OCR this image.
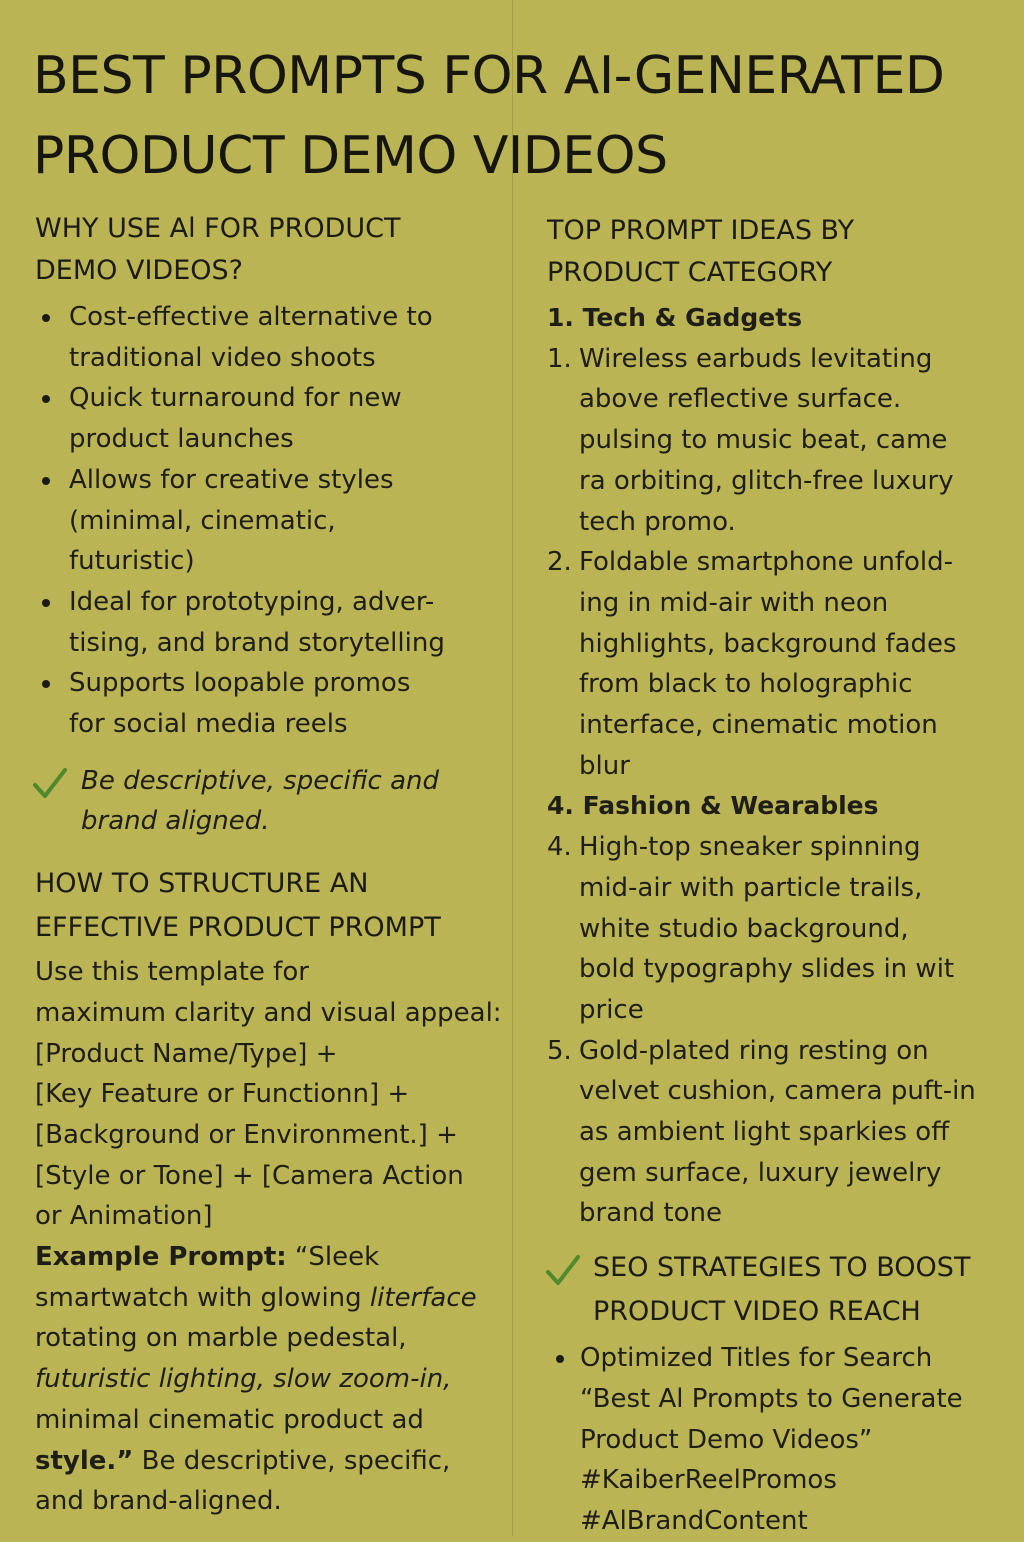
BEST PROMPTS FOR AI-GENERATED
PRODUCT DEMO VIDEOS
WHY USE Al FOR PRODUCT
DEMO VIDEOS?
Cost-effective alternative to
traditional video shoots
Quick turnaround for new
product launches
Allows for creative styles
(minimal, cinematic,
futuristic)
Ideal for prototyping, adver-
tising, and brand storytelling
Supports loopable promos
for social media reels
Be descriptive, specific and
brand aligned.
HOW TO STRUCTURE AN
EFFECTIVE PRODUCT PROMPT
Use this template for
maximum clarity and visual appeal:
[Product Name/Type] +
[Key Feature or Functionn] +
[Background or Environment.] +
[Style or Tone] + [Camera Action
or Animation]
Example Prompt: “Sleek
smartwatch with glowing literface
rotating on marble pedestal,
futuristic lighting, slow zoom-in,
minimal cinematic product ad
style.” Be descriptive, specific,
and brand-aligned.
TOP PROMPT IDEAS BY
PRODUCT CATEGORY
1. Tech & Gadgets
1. Wireless earbuds levitating
above reflective surface.
pulsing to music beat, came
ra orbiting, glitch-free luxury
tech promo.
2. Foldable smartphone unfold-
ing in mid-air with neon
highlights, background fades
from black to holographic
interface, cinematic motion
blur
4. Fashion & Wearables
4. High-top sneaker spinning
mid-air with particle trails,
white studio background,
bold typography slides in wit
price
5. Gold-plated ring resting on
velvet cushion, camera puft-in
as ambient light sparkies off
gem surface, luxury jewelry
brand tone
SEO STRATEGIES TO BOOST
PRODUCT VIDEO REACH
Optimized Titles for Search
“Best Al Prompts to Generate
Product Demo Videos”
#KaiberReelPromos
#AlBrandContent
